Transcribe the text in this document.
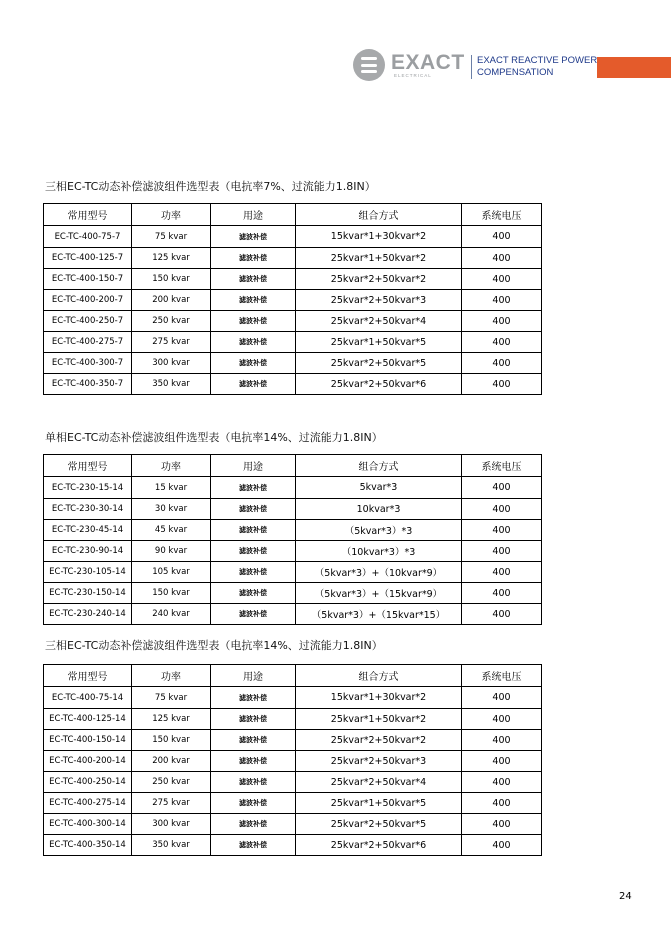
EXACT
ELECTRICAL
EXACT REACTIVE POWER
COMPENSATION
三相EC-TC动态补偿滤波组件选型表（电抗率7%、过流能力1.8IN）
常用型号	功率	用途	组合方式	系统电压
EC-TC-400-75-7	75 kvar	滤波补偿	15kvar*1+30kvar*2	400
EC-TC-400-125-7	125 kvar	滤波补偿	25kvar*1+50kvar*2	400
EC-TC-400-150-7	150 kvar	滤波补偿	25kvar*2+50kvar*2	400
EC-TC-400-200-7	200 kvar	滤波补偿	25kvar*2+50kvar*3	400
EC-TC-400-250-7	250 kvar	滤波补偿	25kvar*2+50kvar*4	400
EC-TC-400-275-7	275 kvar	滤波补偿	25kvar*1+50kvar*5	400
EC-TC-400-300-7	300 kvar	滤波补偿	25kvar*2+50kvar*5	400
EC-TC-400-350-7	350 kvar	滤波补偿	25kvar*2+50kvar*6	400
单相EC-TC动态补偿滤波组件选型表（电抗率14%、过流能力1.8IN）
常用型号	功率	用途	组合方式	系统电压
EC-TC-230-15-14	15 kvar	滤波补偿	5kvar*3	400
EC-TC-230-30-14	30 kvar	滤波补偿	10kvar*3	400
EC-TC-230-45-14	45 kvar	滤波补偿	（5kvar*3）*3	400
EC-TC-230-90-14	90 kvar	滤波补偿	（10kvar*3）*3	400
EC-TC-230-105-14	105 kvar	滤波补偿	（5kvar*3）+（10kvar*9）	400
EC-TC-230-150-14	150 kvar	滤波补偿	（5kvar*3）+（15kvar*9）	400
EC-TC-230-240-14	240 kvar	滤波补偿	（5kvar*3）+（15kvar*15）	400
三相EC-TC动态补偿滤波组件选型表（电抗率14%、过流能力1.8IN）
常用型号	功率	用途	组合方式	系统电压
EC-TC-400-75-14	75 kvar	滤波补偿	15kvar*1+30kvar*2	400
EC-TC-400-125-14	125 kvar	滤波补偿	25kvar*1+50kvar*2	400
EC-TC-400-150-14	150 kvar	滤波补偿	25kvar*2+50kvar*2	400
EC-TC-400-200-14	200 kvar	滤波补偿	25kvar*2+50kvar*3	400
EC-TC-400-250-14	250 kvar	滤波补偿	25kvar*2+50kvar*4	400
EC-TC-400-275-14	275 kvar	滤波补偿	25kvar*1+50kvar*5	400
EC-TC-400-300-14	300 kvar	滤波补偿	25kvar*2+50kvar*5	400
EC-TC-400-350-14	350 kvar	滤波补偿	25kvar*2+50kvar*6	400
24
